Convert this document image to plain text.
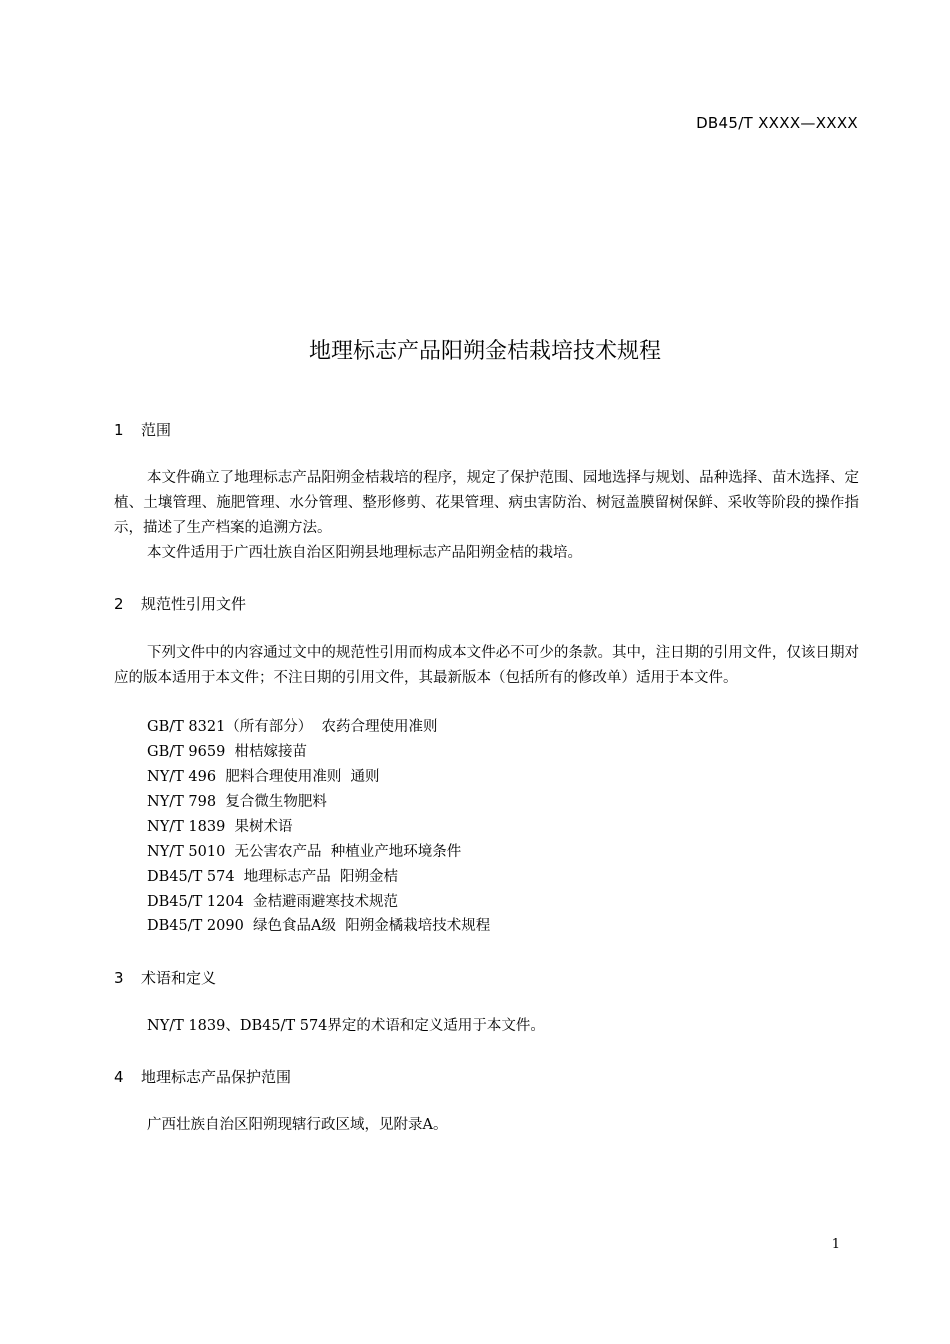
DB45/T XXXX—XXXX
地理标志产品阳朔金桔栽培技术规程
1 范围
本文件确立了地理标志产品阳朔金桔栽培的程序，规定了保护范围、园地选择与规划、品种选择、苗木选择、定植、土壤管理、施肥管理、水分管理、整形修剪、花果管理、病虫害防治、树冠盖膜留树保鲜、采收等阶段的操作指示，描述了生产档案的追溯方法。
本文件适用于广西壮族自治区阳朔县地理标志产品阳朔金桔的栽培。
2 规范性引用文件
下列文件中的内容通过文中的规范性引用而构成本文件必不可少的条款。其中，注日期的引用文件，仅该日期对应的版本适用于本文件；不注日期的引用文件，其最新版本（包括所有的修改单）适用于本文件。
GB/T 8321（所有部分）  农药合理使用准则
GB/T 9659  柑桔嫁接苗
NY/T 496  肥料合理使用准则  通则
NY/T 798  复合微生物肥料
NY/T 1839  果树术语
NY/T 5010  无公害农产品  种植业产地环境条件
DB45/T 574  地理标志产品  阳朔金桔
DB45/T 1204  金桔避雨避寒技术规范
DB45/T 2090  绿色食品A级  阳朔金橘栽培技术规程
3 术语和定义
NY/T 1839、DB45/T 574界定的术语和定义适用于本文件。
4 地理标志产品保护范围
广西壮族自治区阳朔现辖行政区域，见附录A。
1
